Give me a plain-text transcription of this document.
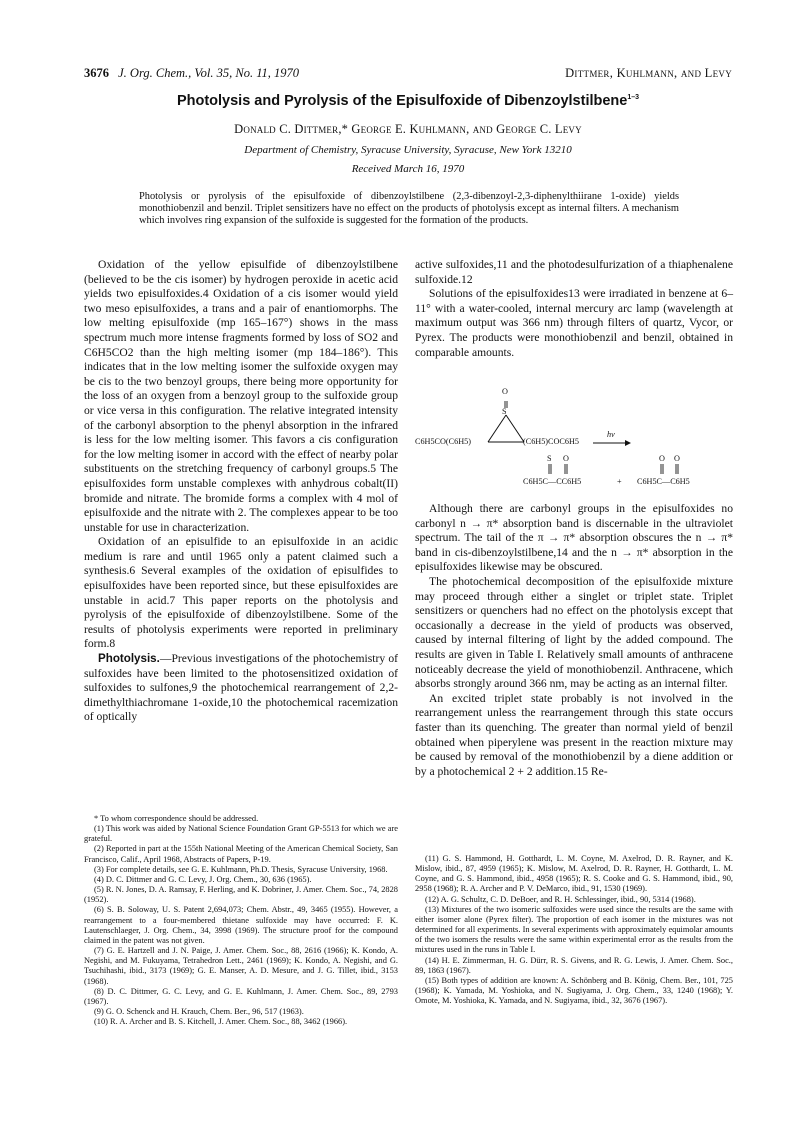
3676 J. Org. Chem., Vol. 35, No. 11, 1970	Dittmer, Kuhlmann, and Levy
Photolysis and Pyrolysis of the Episulfoxide of Dibenzoylstilbene$^{1-3}$
Donald C. Dittmer,* George E. Kuhlmann, and George C. Levy
Department of Chemistry, Syracuse University, Syracuse, New York 13210
Received March 16, 1970

Photolysis or pyrolysis of the episulfoxide of dibenzoylstilbene (2,3-dibenzoyl-2,3-diphenylthiirane 1-oxide) yields monothiobenzil and benzil. Triplet sensitizers have no effect on the products of photolysis except as internal filters. A mechanism which involves ring expansion of the sulfoxide is suggested for the formation of the products.

Oxidation of the yellow episulfide of dibenzoylstilbene (believed to be the cis isomer) by hydrogen peroxide in acetic acid yields two episulfoxides.4 Oxidation of a cis isomer would yield two meso episulfoxides, a trans and a pair of enantiomorphs. The low melting episulfoxide (mp 165–167°) shows in the mass spectrum much more intense fragments formed by loss of SO2 and C6H5CO2 than the high melting isomer (mp 184–186°). This indicates that in the low melting isomer the sulfoxide oxygen may be cis to the two benzoyl groups, there being more opportunity for the loss of an oxygen from a benzoyl group to the sulfoxide group or vice versa in this configuration. The relative integrated intensity of the carbonyl absorption to the phenyl absorption in the infrared is less for the low melting isomer. This favors a cis configuration for the low melting isomer in accord with the effect of nearby polar substituents on the stretching frequency of carbonyl groups.5 The episulfoxides form unstable complexes with anhydrous cobalt(II) bromide and nitrate. The bromide forms a complex with 4 mol of episulfoxide and the nitrate with 2. The complexes appear to be too unstable for use in characterization.

Oxidation of an episulfide to an episulfoxide in an acidic medium is rare and until 1965 only a patent claimed such a synthesis.6 Several examples of the oxidation of episulfides to episulfoxides have been reported since, but these episulfoxides are unstable in acid.7 This paper reports on the photolysis and pyrolysis of the episulfoxide of dibenzoylstilbene. Some of the results of photolysis experiments were reported in preliminary form.8

Photolysis.—Previous investigations of the photochemistry of sulfoxides have been limited to the photosensitized oxidation of sulfoxides to sulfones,9 the photochemical rearrangement of 2,2-dimethylthiachromane 1-oxide,10 the photochemical racemization of optically

active sulfoxides,11 and the photodesulfurization of a thiaphenalene sulfoxide.12

Solutions of the episulfoxides13 were irradiated in benzene at 6–11° with a water-cooled, internal mercury arc lamp (wavelength at maximum output was 366 nm) through filters of quartz, Vycor, or Pyrex. The products were monothiobenzil and benzil, obtained in comparable amounts.

O
S
C6H5CO(C6H5)	(C6H5)COC6H5
hν
S O	O O
C6H5C—CC6H5	+ C6H5C—C6H5

Although there are carbonyl groups in the episulfoxides no carbonyl n → π* absorption band is discernable in the ultraviolet spectrum. The tail of the π → π* absorption obscures the n → π* band in cis-dibenzoylstilbene,14 and the n → π* absorption in the episulfoxides likewise may be obscured.

The photochemical decomposition of the episulfoxide mixture may proceed through either a singlet or triplet state. Triplet sensitizers or quenchers had no effect on the photolysis except that occasionally a decrease in the yield of products was observed, caused by internal filtering of light by the added compound. The results are given in Table I. Relatively small amounts of anthracene noticeably decrease the yield of monothiobenzil. Anthracene, which absorbs strongly around 366 nm, may be acting as an internal filter.

An excited triplet state probably is not involved in the rearrangement unless the rearrangement through this state occurs faster than its quenching. The greater than normal yield of benzil obtained when piperylene was present in the reaction mixture may be caused by removal of the monothiobenzil by a diene addition or by a photochemical 2 + 2 addition.15 Re-

* To whom correspondence should be addressed.
(1) This work was aided by National Science Foundation Grant GP-5513 for which we are grateful.
(2) Reported in part at the 155th National Meeting of the American Chemical Society, San Francisco, Calif., April 1968, Abstracts of Papers, P-19.
(3) For complete details, see G. E. Kuhlmann, Ph.D. Thesis, Syracuse University, 1968.
(4) D. C. Dittmer and G. C. Levy, J. Org. Chem., 30, 636 (1965).
(5) R. N. Jones, D. A. Ramsay, F. Herling, and K. Dobriner, J. Amer. Chem. Soc., 74, 2828 (1952).
(6) S. B. Soloway, U. S. Patent 2,694,073; Chem. Abstr., 49, 3465 (1955). However, a rearrangement to a four-membered thietane sulfoxide may have occurred: F. K. Lautenschlaeger, J. Org. Chem., 34, 3998 (1969). The structure proof for the compound claimed in the patent was not given.
(7) G. E. Hartzell and J. N. Paige, J. Amer. Chem. Soc., 88, 2616 (1966); K. Kondo, A. Negishi, and M. Fukuyama, Tetrahedron Lett., 2461 (1969); K. Kondo, A. Negishi, and G. Tsuchihashi, ibid., 3173 (1969); G. E. Manser, A. D. Mesure, and J. G. Tillet, ibid., 3153 (1968).
(8) D. C. Dittmer, G. C. Levy, and G. E. Kuhlmann, J. Amer. Chem. Soc., 89, 2793 (1967).
(9) G. O. Schenck and H. Krauch, Chem. Ber., 96, 517 (1963).
(10) R. A. Archer and B. S. Kitchell, J. Amer. Chem. Soc., 88, 3462 (1966).
(11) G. S. Hammond, H. Gotthardt, L. M. Coyne, M. Axelrod, D. R. Rayner, and K. Mislow, ibid., 87, 4959 (1965); K. Mislow, M. Axelrod, D. R. Rayner, H. Gotthardt, L. M. Coyne, and G. S. Hammond, ibid., 4958 (1965); R. S. Cooke and G. S. Hammond, ibid., 90, 2958 (1968); R. A. Archer and P. V. DeMarco, ibid., 91, 1530 (1969).
(12) A. G. Schultz, C. D. DeBoer, and R. H. Schlessinger, ibid., 90, 5314 (1968).
(13) Mixtures of the two isomeric sulfoxides were used since the results are the same with either isomer alone (Pyrex filter). The proportion of each isomer in the mixtures was not determined for all experiments. In several experiments with approximately equimolar amounts of the two isomers the results were the same within experimental error as the results from the mixtures used in the runs in Table I.
(14) H. E. Zimmerman, H. G. Dürr, R. S. Givens, and R. G. Lewis, J. Amer. Chem. Soc., 89, 1863 (1967).
(15) Both types of addition are known: A. Schönberg and B. König, Chem. Ber., 101, 725 (1968); K. Yamada, M. Yoshioka, and N. Sugiyama, J. Org. Chem., 33, 1240 (1968); Y. Omote, M. Yoshioka, K. Yamada, and N. Sugiyama, ibid., 32, 3676 (1967).
